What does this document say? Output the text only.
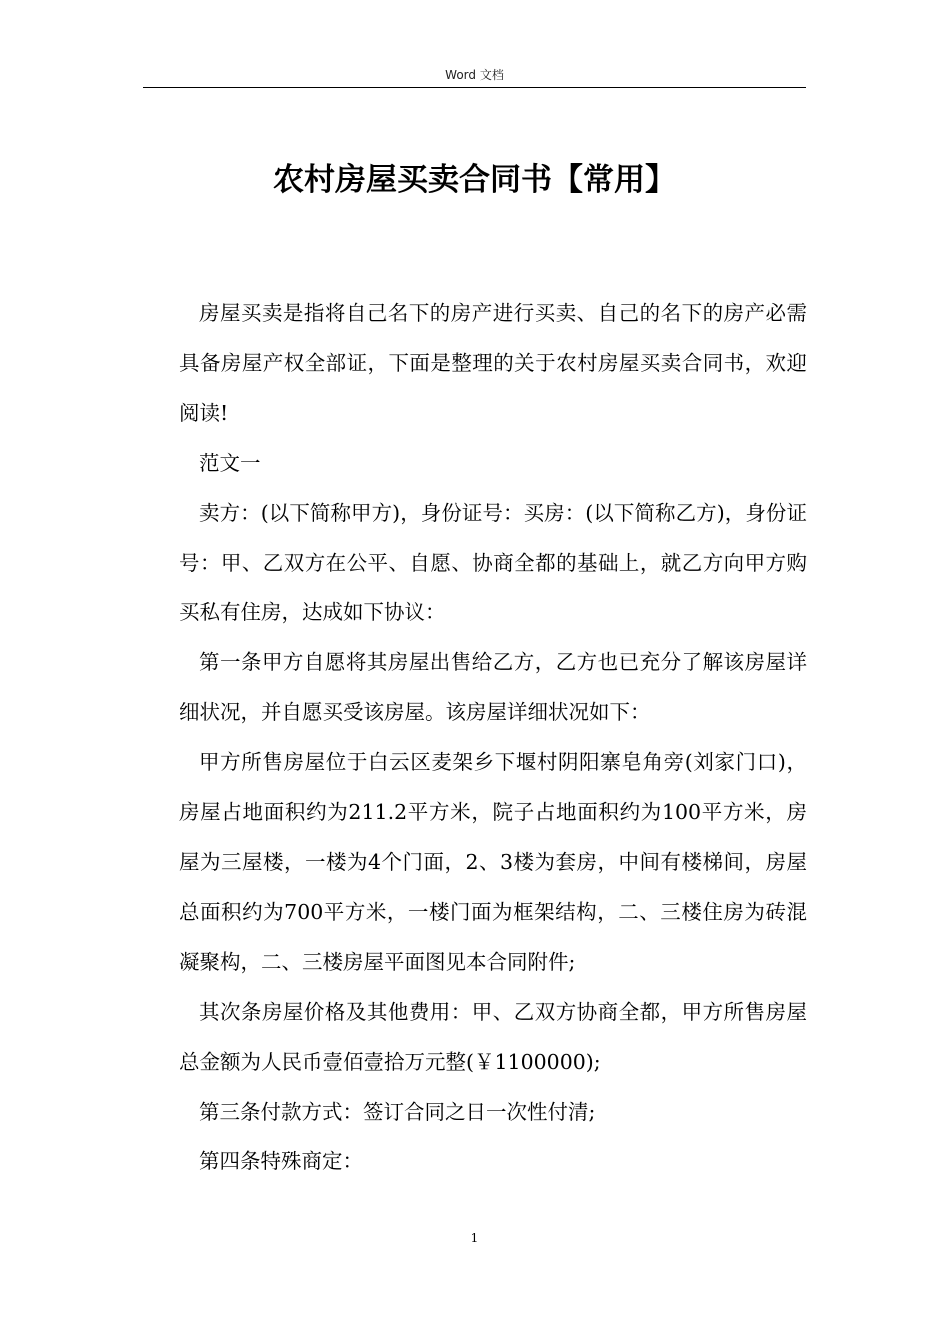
Word 文档
农村房屋买卖合同书【常用】

房屋买卖是指将自己名下的房产进行买卖、自己的名下的房产必需具备房屋产权全部证，下面是整理的关于农村房屋买卖合同书，欢迎阅读!

范文一

卖方：(以下简称甲方)，身份证号：买房：(以下简称乙方)，身份证号：甲、乙双方在公平、自愿、协商全都的基础上，就乙方向甲方购买私有住房，达成如下协议：

第一条甲方自愿将其房屋出售给乙方，乙方也已充分了解该房屋详细状况，并自愿买受该房屋。该房屋详细状况如下：

甲方所售房屋位于白云区麦架乡下堰村阴阳寨皂角旁(刘家门口)，房屋占地面积约为211.2平方米，院子占地面积约为100平方米，房屋为三屋楼，一楼为4个门面，2、3楼为套房，中间有楼梯间，房屋总面积约为700平方米，一楼门面为框架结构，二、三楼住房为砖混凝聚构，二、三楼房屋平面图见本合同附件;

其次条房屋价格及其他费用：甲、乙双方协商全都，甲方所售房屋总金额为人民币壹佰壹拾万元整(￥1100000);

第三条付款方式：签订合同之日一次性付清;

第四条特殊商定：

1
